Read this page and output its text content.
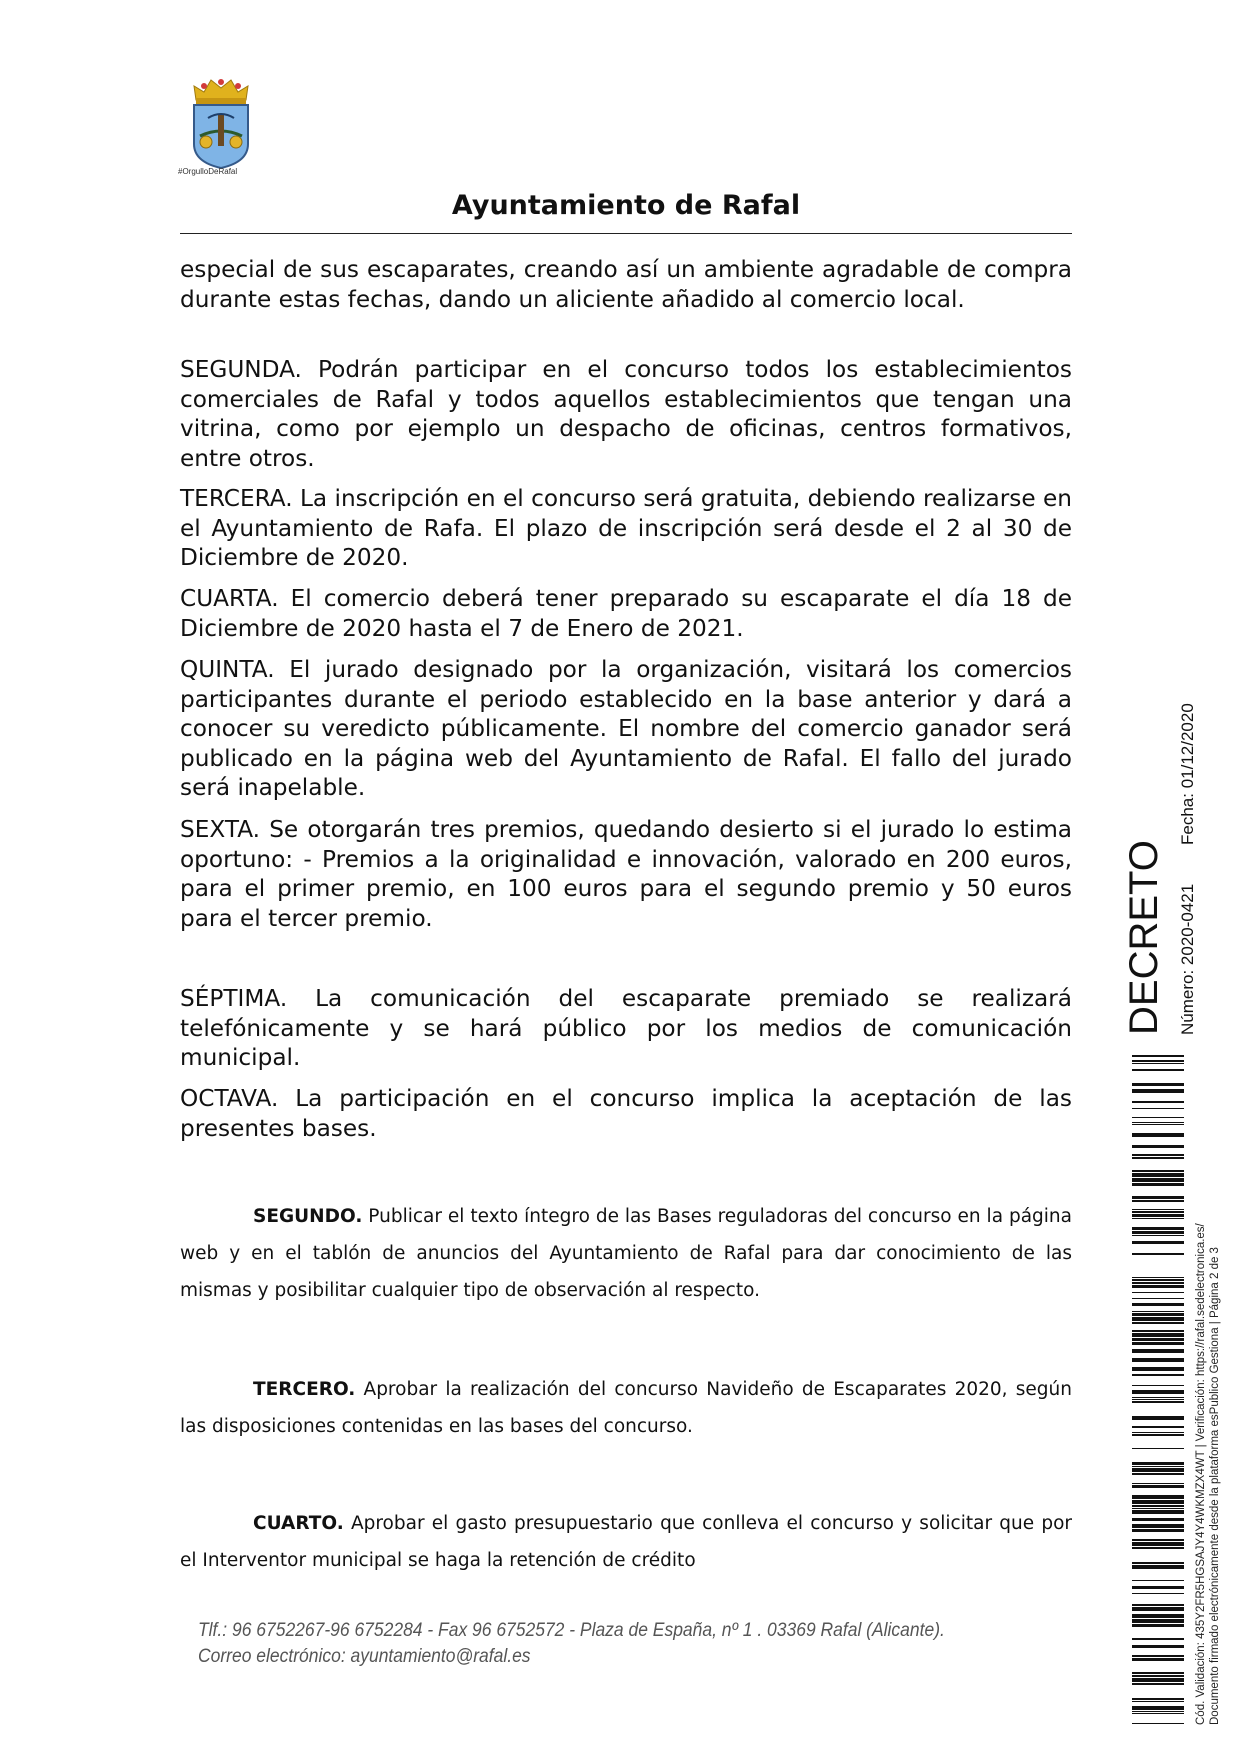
#OrgulloDeRafal
Ayuntamiento de Rafal

especial de sus escaparates, creando así un ambiente agradable de compra durante estas fechas, dando un aliciente añadido al comercio local.

SEGUNDA. Podrán participar en el concurso todos los establecimientos comerciales de Rafal y todos aquellos establecimientos que tengan una vitrina, como por ejemplo un despacho de oficinas, centros formativos, entre otros.

TERCERA. La inscripción en el concurso será gratuita, debiendo realizarse en el Ayuntamiento de Rafa. El plazo de inscripción será desde el 2 al 30 de Diciembre de 2020.

CUARTA. El comercio deberá tener preparado su escaparate el día 18 de Diciembre de 2020 hasta el 7 de Enero de 2021.

QUINTA. El jurado designado por la organización, visitará los comercios participantes durante el periodo establecido en la base anterior y dará a conocer su veredicto públicamente. El nombre del comercio ganador será publicado en la página web del Ayuntamiento de Rafal. El fallo del jurado será inapelable.

SEXTA. Se otorgarán tres premios, quedando desierto si el jurado lo estima oportuno: - Premios a la originalidad e innovación, valorado en 200 euros, para el primer premio, en 100 euros para el segundo premio y 50 euros para el tercer premio.

SÉPTIMA. La comunicación del escaparate premiado se realizará telefónicamente y se hará público por los medios de comunicación municipal.

OCTAVA. La participación en el concurso implica la aceptación de las presentes bases.

SEGUNDO. Publicar el texto íntegro de las Bases reguladoras del concurso en la página web y en el tablón de anuncios del Ayuntamiento de Rafal para dar conocimiento de las mismas y posibilitar cualquier tipo de observación al respecto.

TERCERO. Aprobar la realización del concurso Navideño de Escaparates 2020, según las disposiciones contenidas en las bases del concurso.

CUARTO. Aprobar el gasto presupuestario que conlleva el concurso y solicitar que por el Interventor municipal se haga la retención de crédito

Tlf.: 96 6752267-96 6752284 - Fax 96 6752572 - Plaza de España, nº 1 . 03369 Rafal (Alicante).
Correo electrónico: ayuntamiento@rafal.es
DECRETO Número: 2020-0421
Fecha: 01/12/2020
Cód. Validación: 435Y2FR5HGSAJY4Y4WKMZX4WT | Verificación: https://rafal.sedelectronica.es/ Documento firmado electrónicamente desde la plataforma esPublico Gestiona | Página 2 de 3
